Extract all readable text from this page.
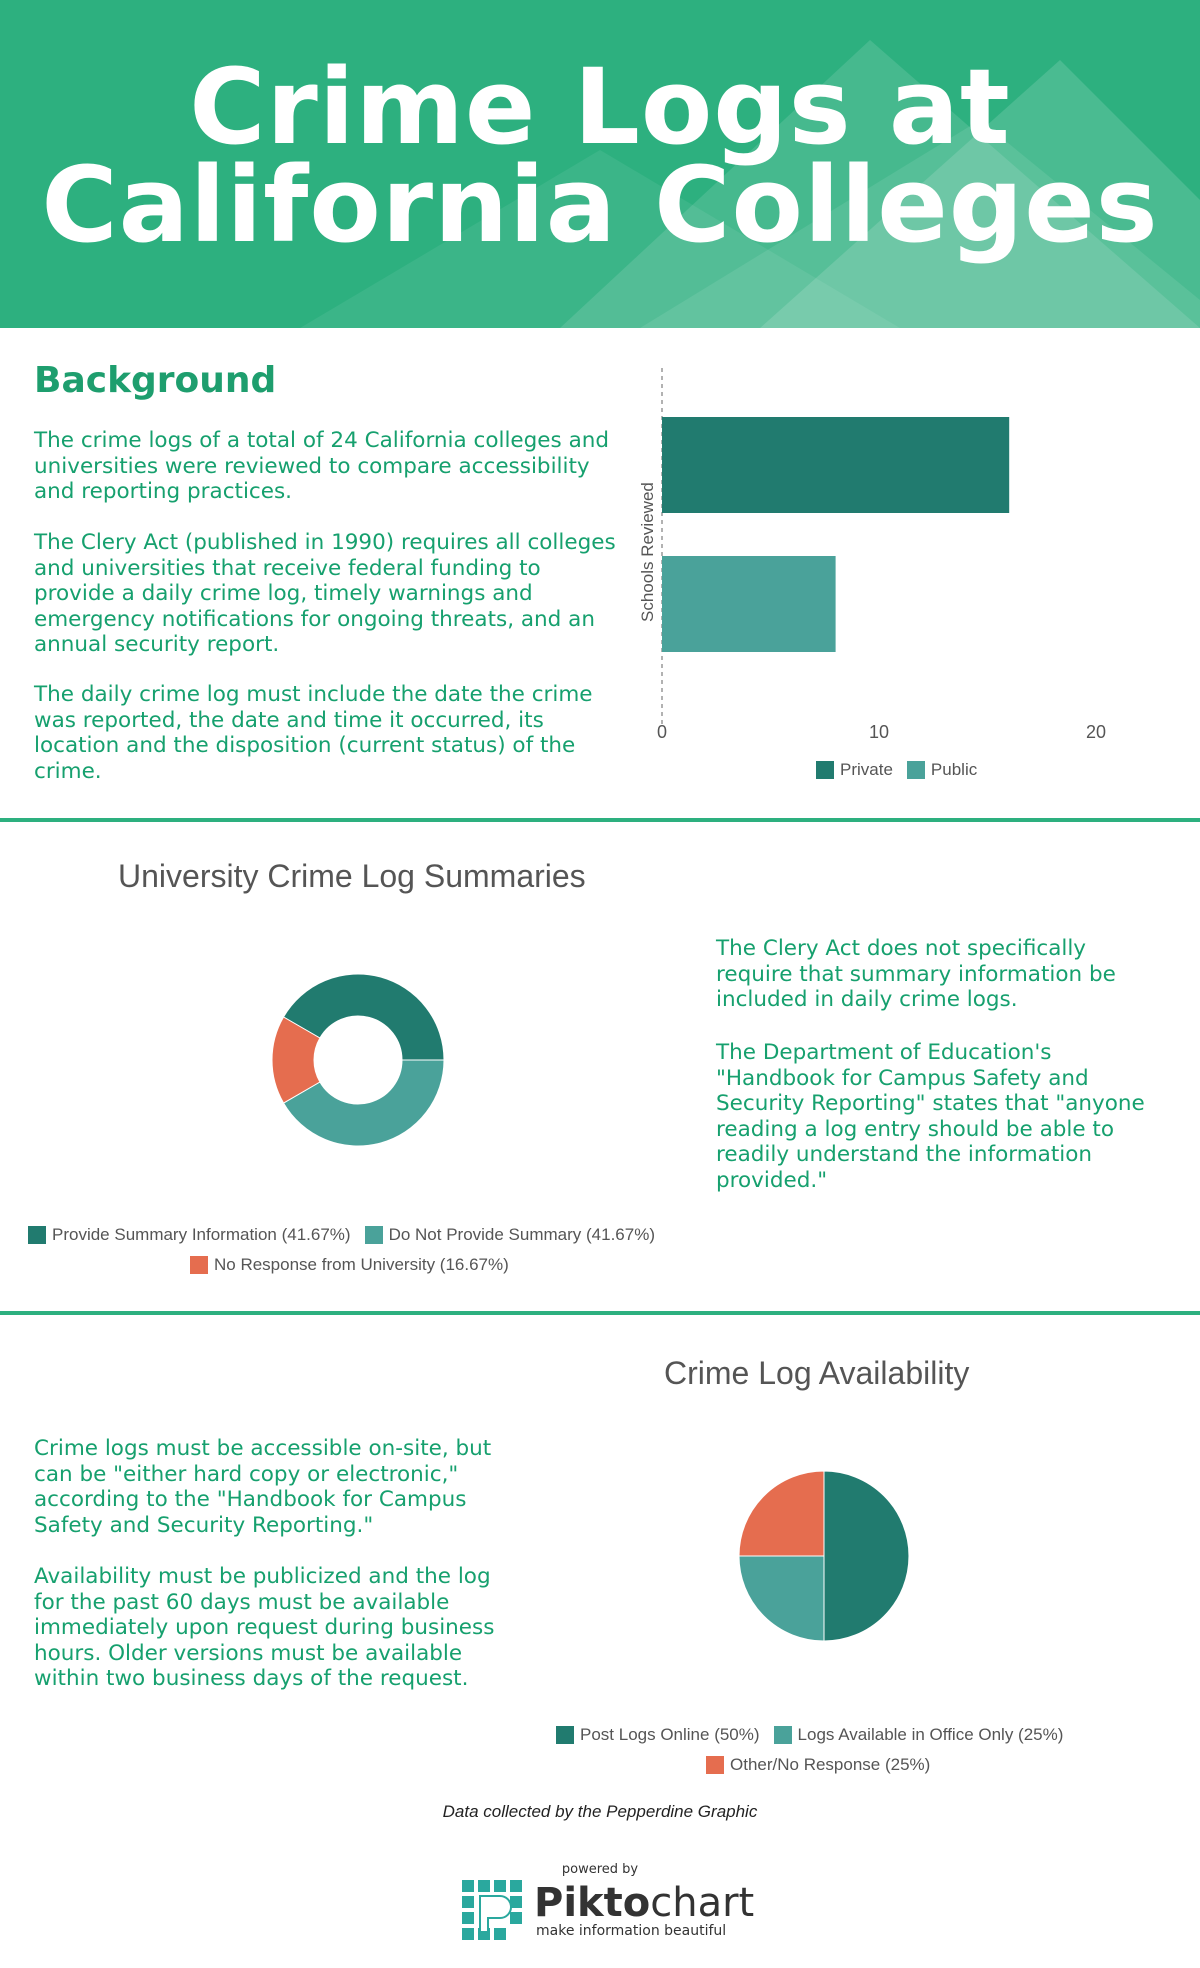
Crime Logs at
California Colleges
Background
The crime logs of a total of 24 California colleges and universities were reviewed to compare accessibility and reporting practices.
The Clery Act (published in 1990) requires all colleges and universities that receive federal funding to provide a daily crime log, timely warnings and emergency notifications for ongoing threats, and an annual security report.
The daily crime log must include the date the crime was reported, the date and time it occurred, its location and the disposition (current status) of the crime.
Schools Reviewed
0	10	20
Private Public
University Crime Log Summaries
Provide Summary Information (41.67%) Do Not Provide Summary (41.67%)
No Response from University (16.67%)
The Clery Act does not specifically require that summary information be included in daily crime logs.
The Department of Education's "Handbook for Campus Safety and Security Reporting" states that "anyone reading a log entry should be able to readily understand the information provided."
Crime Log Availability
Crime logs must be accessible on-site, but can be "either hard copy or electronic," according to the "Handbook for Campus Safety and Security Reporting."
Availability must be publicized and the log for the past 60 days must be available immediately upon request during business hours. Older versions must be available within two business days of the request.
Post Logs Online (50%) Logs Available in Office Only (25%)
Other/No Response (25%)
Data collected by the Pepperdine Graphic
powered by
Piktochart
make information beautiful
